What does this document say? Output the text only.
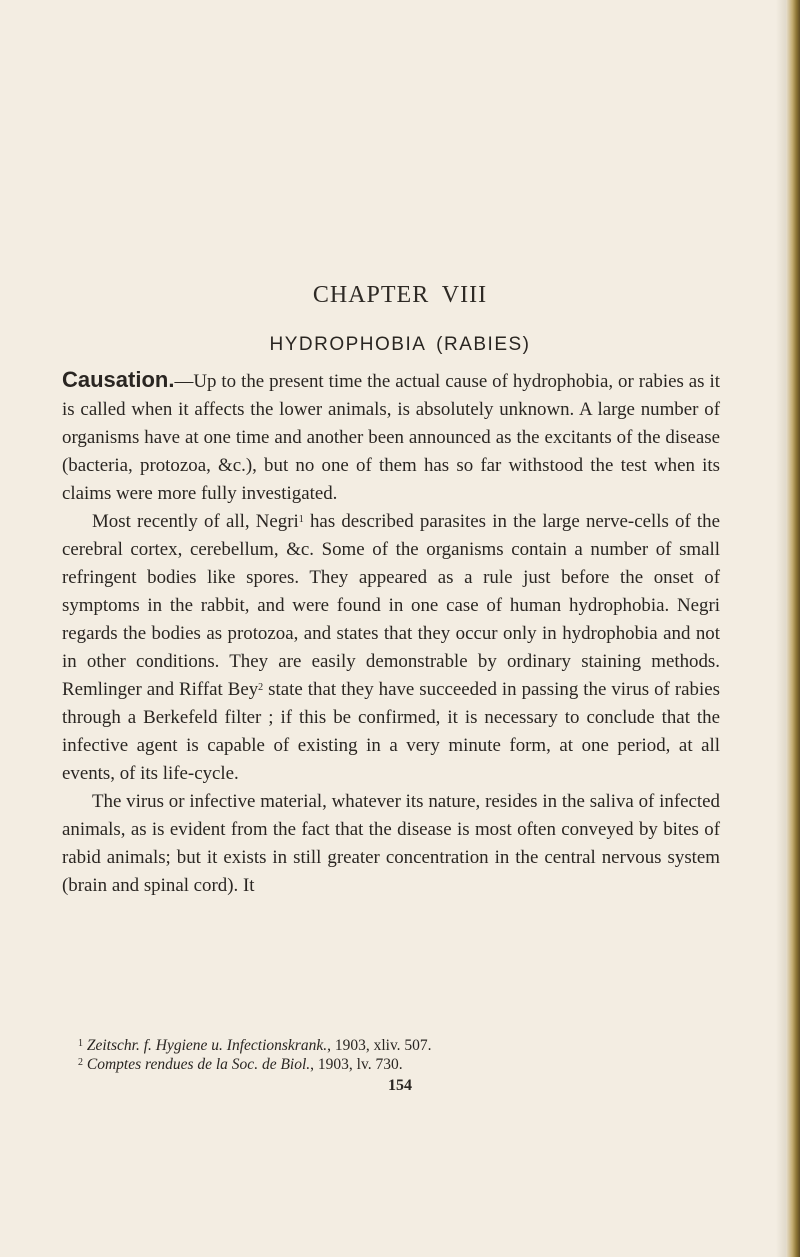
CHAPTER VIII
HYDROPHOBIA (RABIES)

Causation.—Up to the present time the actual cause of hydrophobia, or rabies as it is called when it affects the lower animals, is absolutely unknown. A large number of organisms have at one time and another been announced as the excitants of the disease (bacteria, protozoa, &c.), but no one of them has so far withstood the test when its claims were more fully investigated.

Most recently of all, Negri$^1$ has described parasites in the large nerve-cells of the cerebral cortex, cerebellum, &c. Some of the organisms contain a number of small refringent bodies like spores. They appeared as a rule just before the onset of symptoms in the rabbit, and were found in one case of human hydrophobia. Negri regards the bodies as protozoa, and states that they occur only in hydrophobia and not in other conditions. They are easily demonstrable by ordinary staining methods. Remlinger and Riffat Bey$^2$ state that they have succeeded in passing the virus of rabies through a Berkefeld filter ; if this be confirmed, it is necessary to conclude that the infective agent is capable of existing in a very minute form, at one period, at all events, of its life-cycle.

The virus or infective material, whatever its nature, resides in the saliva of infected animals, as is evident from the fact that the disease is most often conveyed by bites of rabid animals; but it exists in still greater concentration in the central nervous system (brain and spinal cord). It

$^1$ Zeitschr. f. Hygiene u. Infectionskrank., 1903, xliv. 507.
$^2$ Comptes rendues de la Soc. de Biol., 1903, lv. 730.
154
